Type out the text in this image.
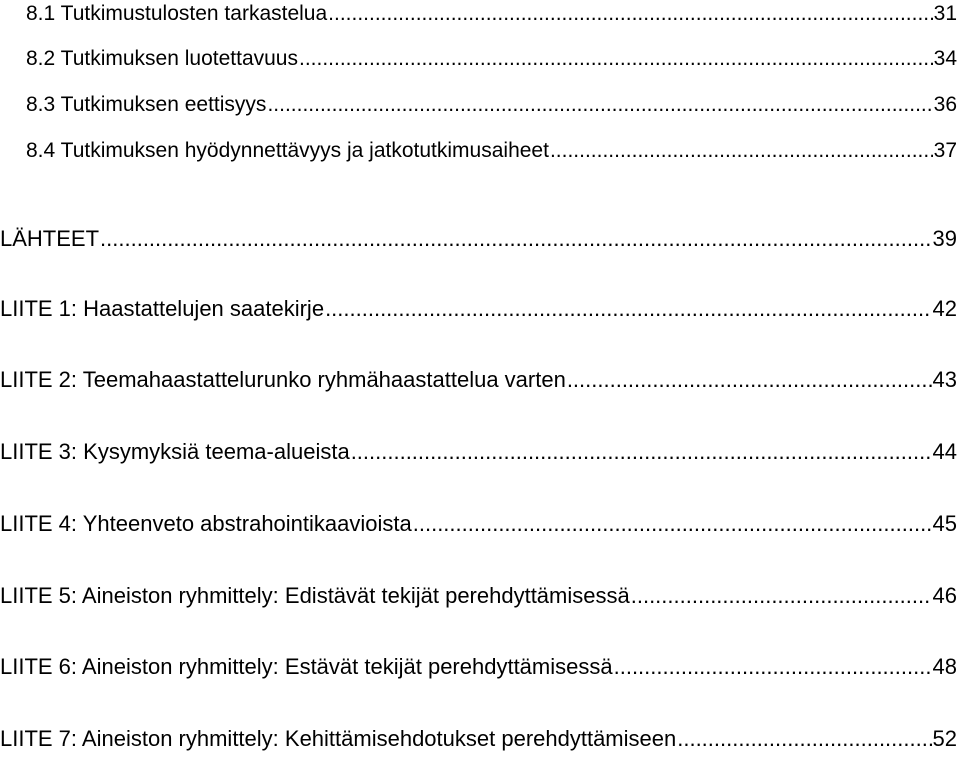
8.1 Tutkimustulosten tarkastelua .....	31
8.2 Tutkimuksen luotettavuus .....	34
8.3 Tutkimuksen eettisyys .....	36
8.4 Tutkimuksen hyödynnettävyys ja jatkotutkimusaiheet .....	37
LÄHTEET .....	39
LIITE 1: Haastattelujen saatekirje .....	42
LIITE 2: Teemahaastattelurunko ryhmähaastattelua varten .....	43
LIITE 3: Kysymyksiä teema-alueista .....	44
LIITE 4: Yhteenveto abstrahointikaavioista .....	45
LIITE 5: Aineiston ryhmittely: Edistävät tekijät perehdyttämisessä .....	46
LIITE 6: Aineiston ryhmittely: Estävät tekijät perehdyttämisessä .....	48
LIITE 7: Aineiston ryhmittely: Kehittämisehdotukset perehdyttämiseen .....	52
